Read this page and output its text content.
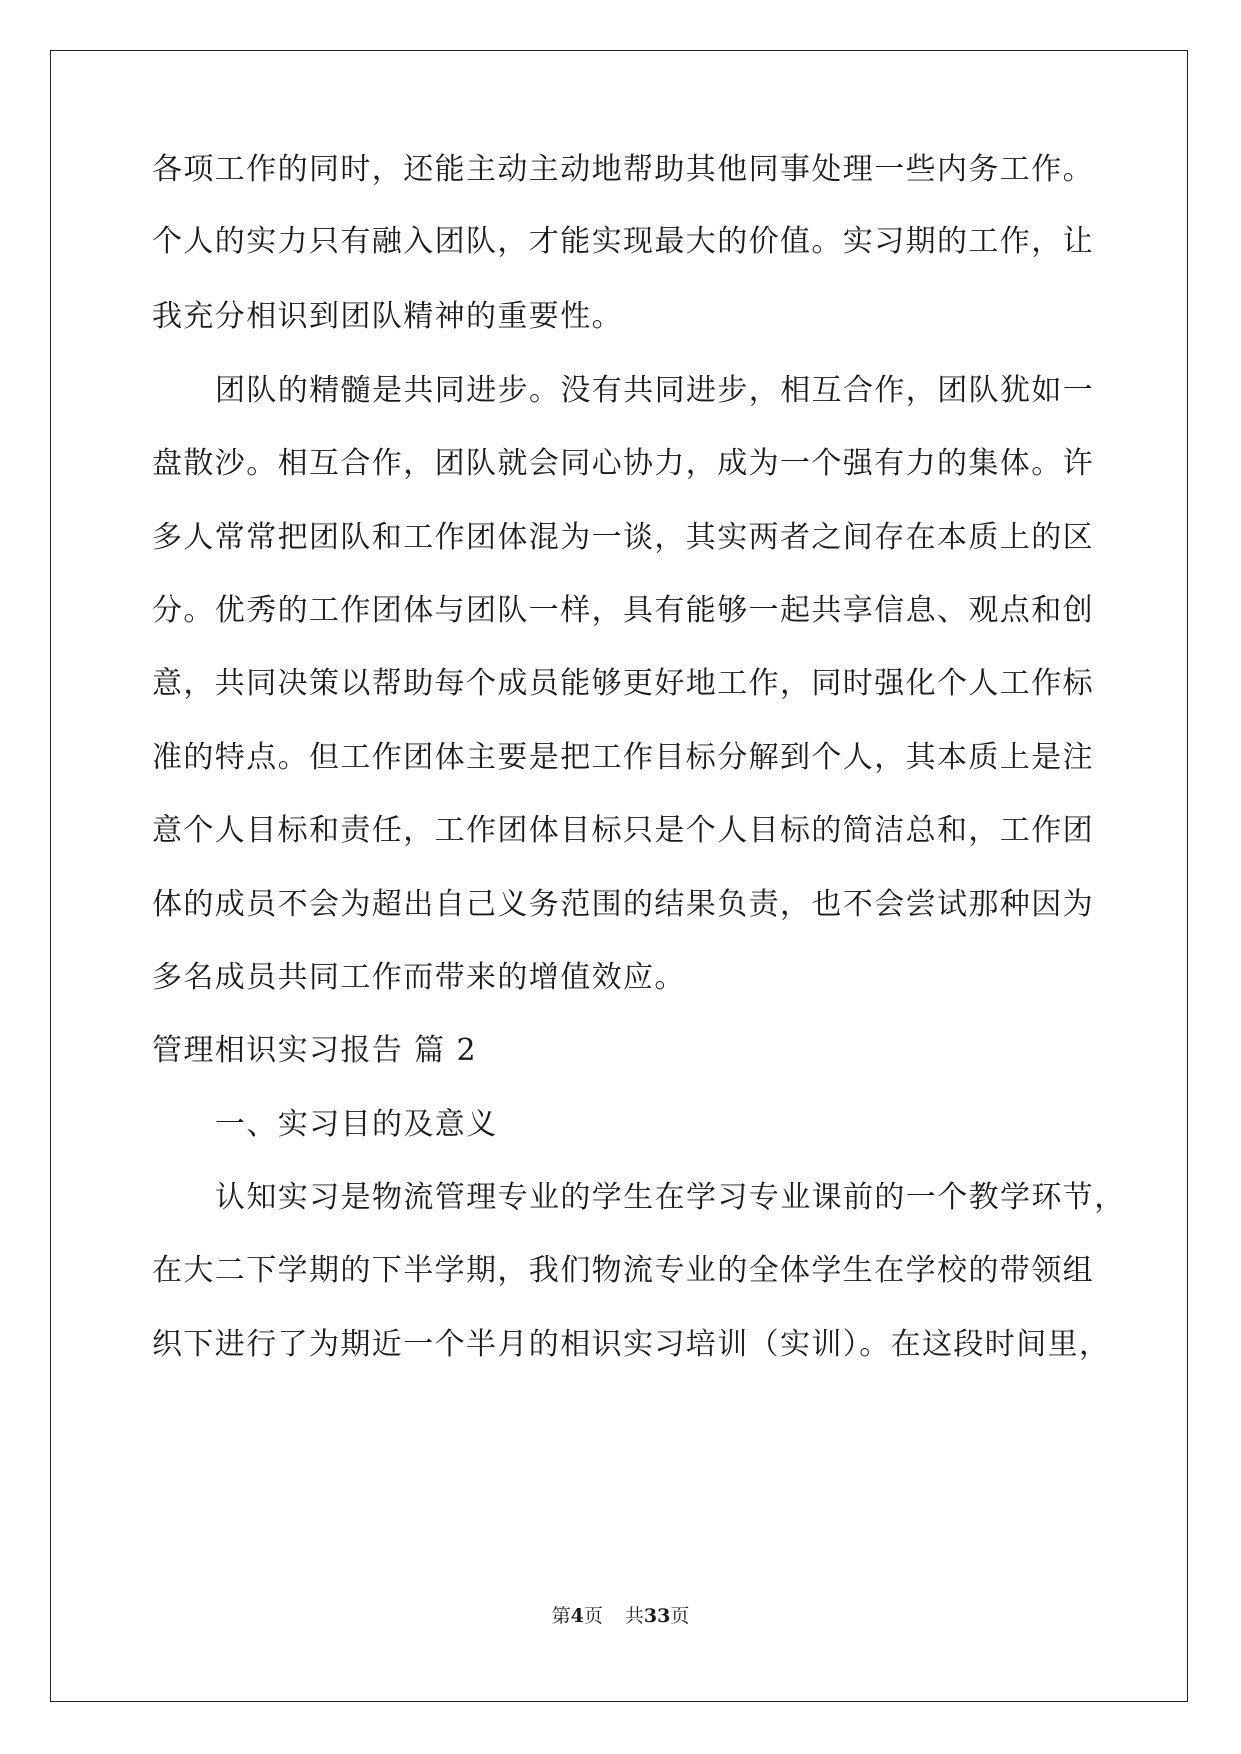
各项工作的同时，还能主动主动地帮助其他同事处理一些内务工作。
个人的实力只有融入团队，才能实现最大的价值。实习期的工作，让
我充分相识到团队精神的重要性。
团队的精髓是共同进步。没有共同进步，相互合作，团队犹如一
盘散沙。相互合作，团队就会同心协力，成为一个强有力的集体。许
多人常常把团队和工作团体混为一谈，其实两者之间存在本质上的区
分。优秀的工作团体与团队一样，具有能够一起共享信息、观点和创
意，共同决策以帮助每个成员能够更好地工作，同时强化个人工作标
准的特点。但工作团体主要是把工作目标分解到个人，其本质上是注
意个人目标和责任，工作团体目标只是个人目标的简洁总和，工作团
体的成员不会为超出自己义务范围的结果负责，也不会尝试那种因为
多名成员共同工作而带来的增值效应。
管理相识实习报告 篇 2
一、实习目的及意义
认知实习是物流管理专业的学生在学习专业课前的一个教学环节，
在大二下学期的下半学期，我们物流专业的全体学生在学校的带领组
织下进行了为期近一个半月的相识实习培训（实训）。在这段时间里，
第4页 共33页
